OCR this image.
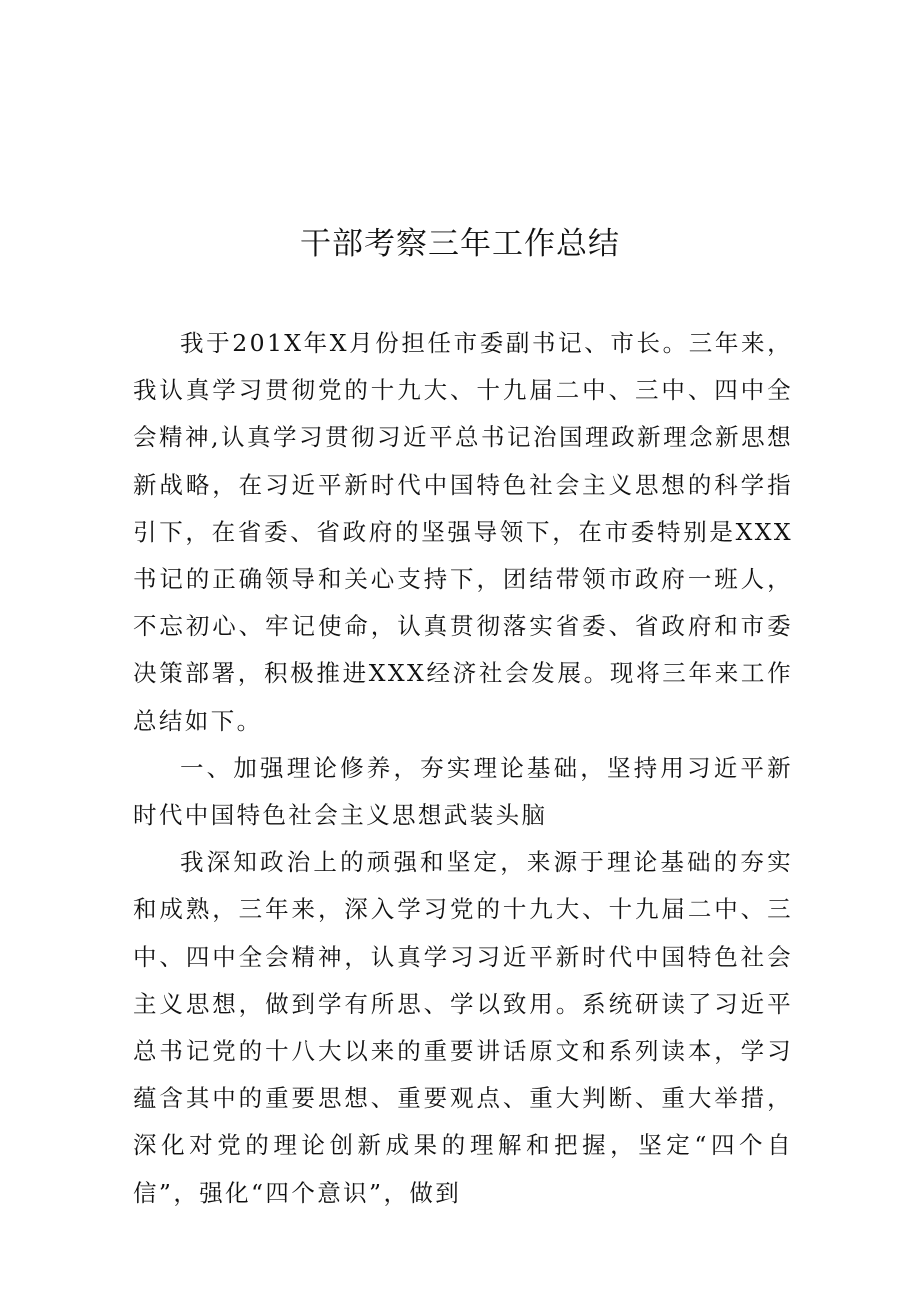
干部考察三年工作总结

我于201X年X月份担任市委副书记、市长。三年来，我认真学习贯彻党的十九大、十九届二中、三中、四中全会精神,认真学习贯彻习近平总书记治国理政新理念新思想新战略，在习近平新时代中国特色社会主义思想的科学指引下，在省委、省政府的坚强导领下，在市委特别是XXX书记的正确领导和关心支持下，团结带领市政府一班人，不忘初心、牢记使命，认真贯彻落实省委、省政府和市委决策部署，积极推进XXX经济社会发展。现将三年来工作总结如下。

一、加强理论修养，夯实理论基础，坚持用习近平新时代中国特色社会主义思想武装头脑

我深知政治上的顽强和坚定，来源于理论基础的夯实和成熟，三年来，深入学习党的十九大、十九届二中、三中、四中全会精神，认真学习习近平新时代中国特色社会主义思想，做到学有所思、学以致用。系统研读了习近平总书记党的十八大以来的重要讲话原文和系列读本，学习蕴含其中的重要思想、重要观点、重大判断、重大举措，深化对党的理论创新成果的理解和把握，坚定“四个自信”，强化“四个意识”，做到
